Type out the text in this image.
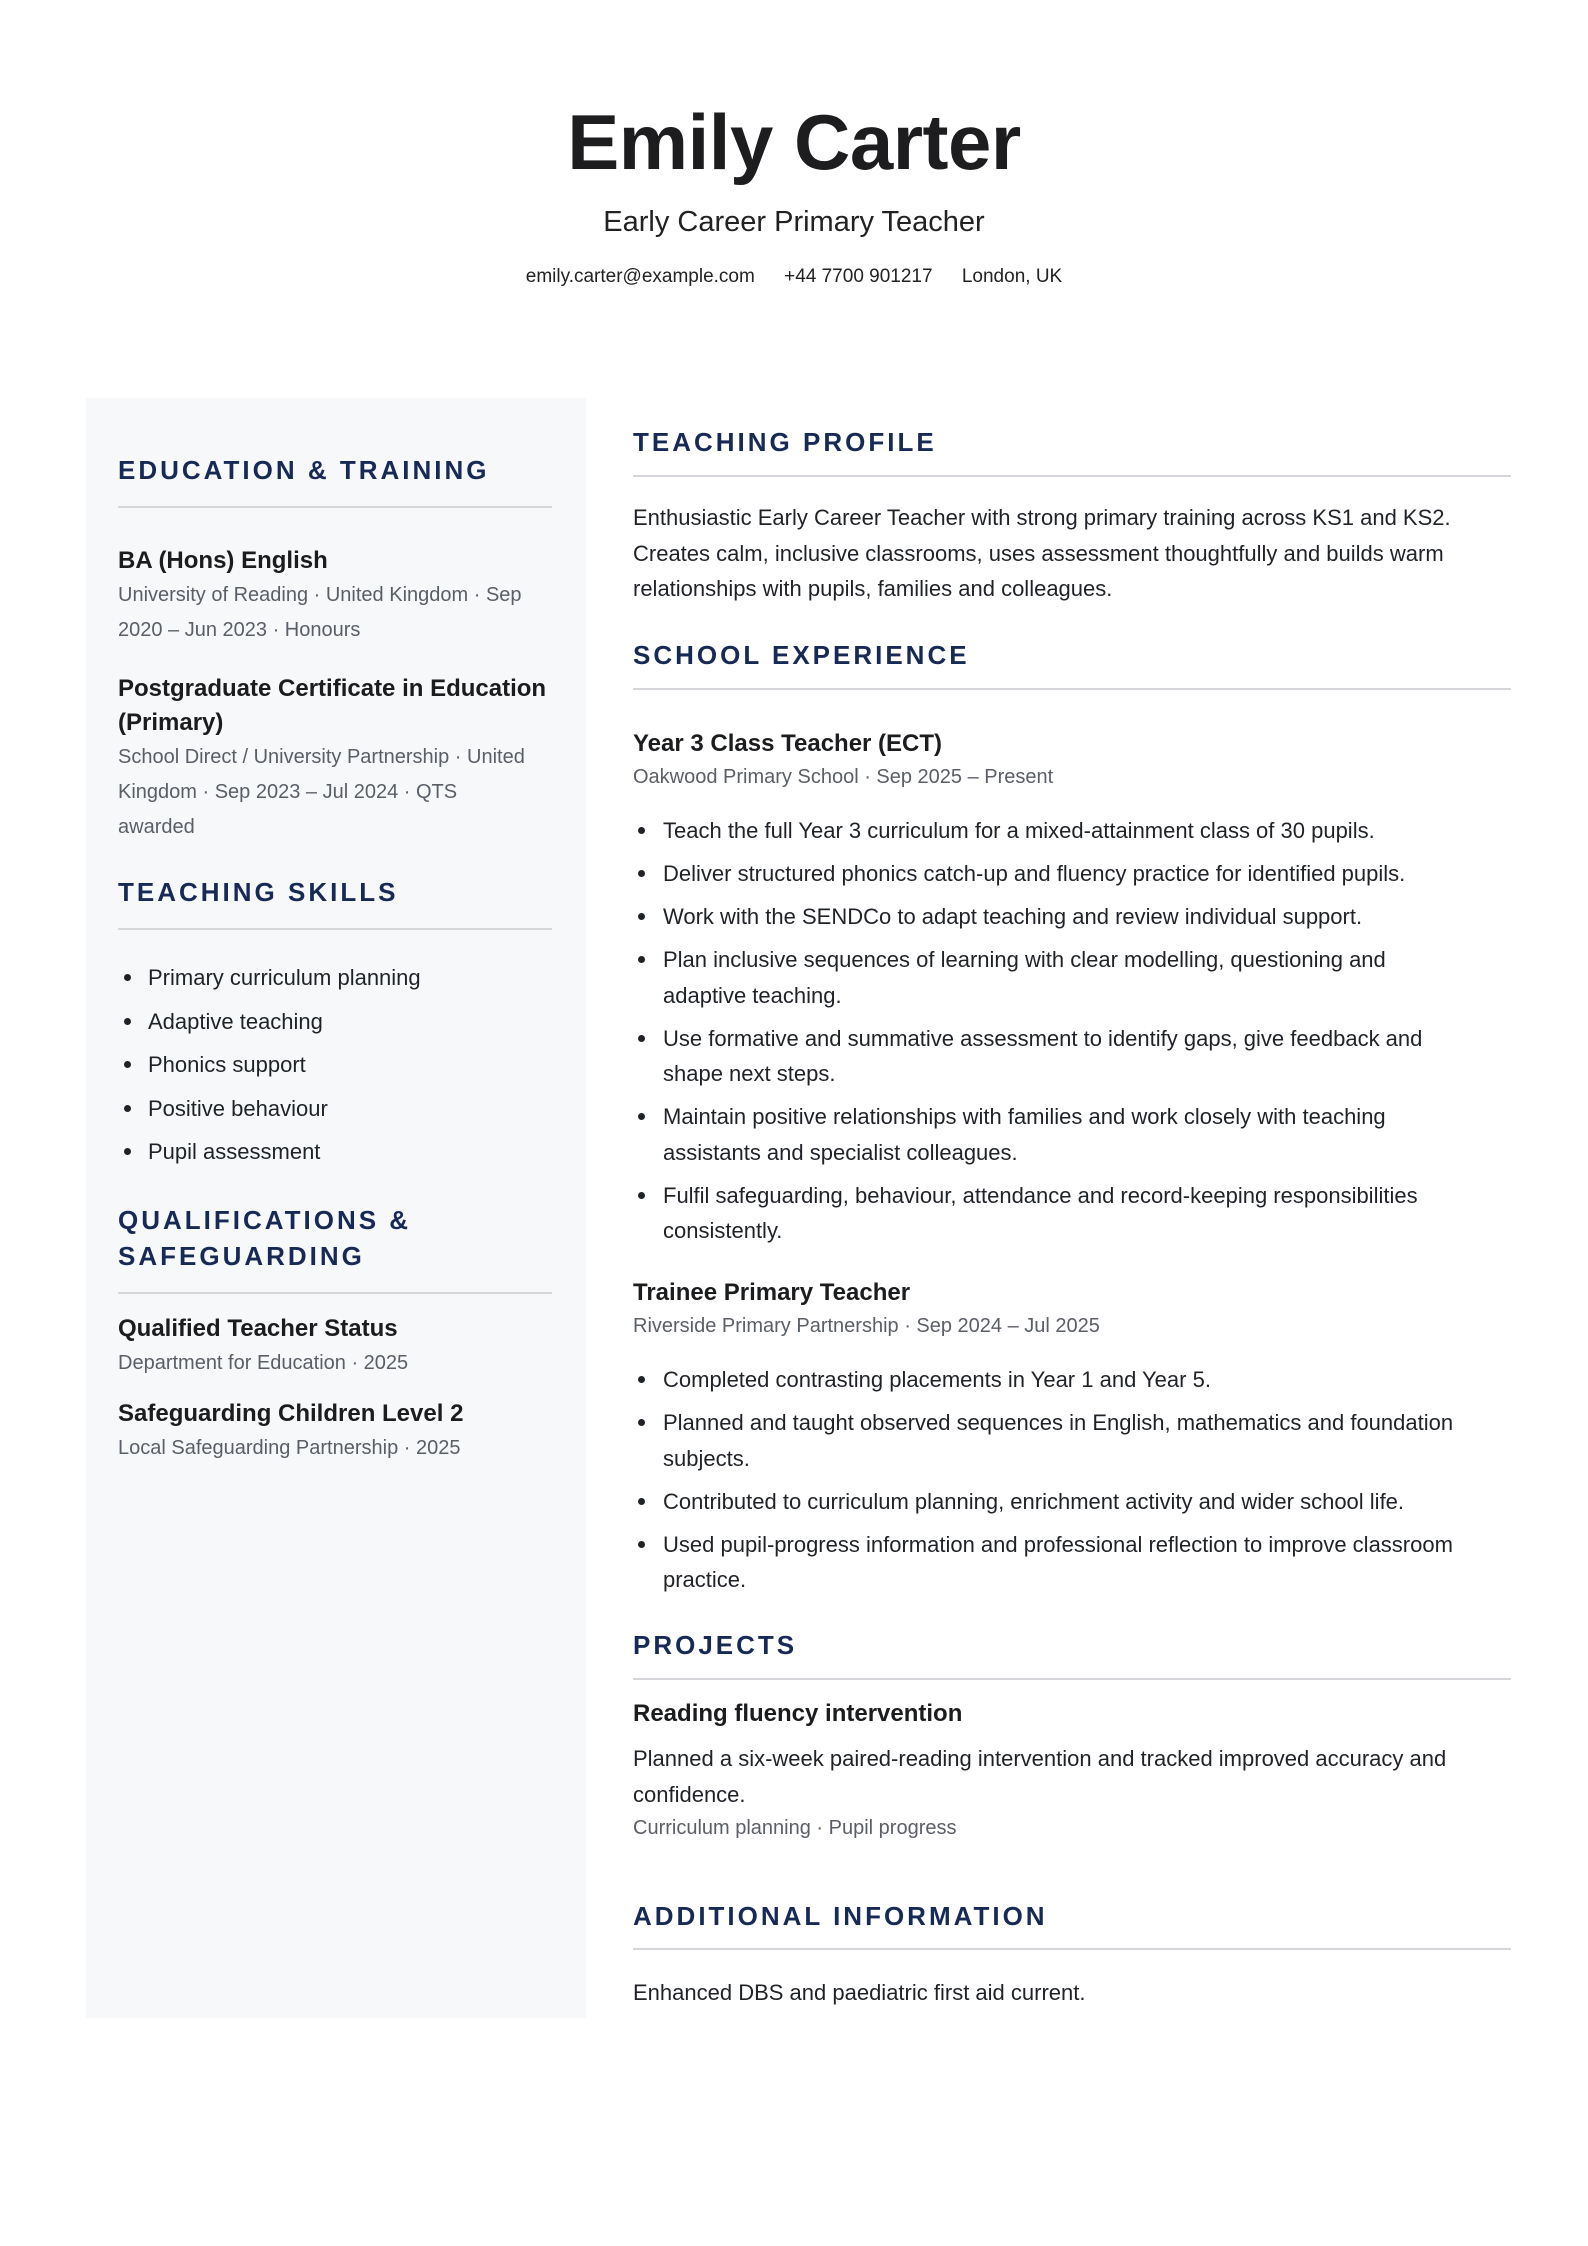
Emily Carter
Early Career Primary Teacher
emily.carter@example.com +44 7700 901217 London, UK
EDUCATION & TRAINING
BA (Hons) English
University of Reading · United Kingdom · Sep
2020 – Jun 2023 · Honours
Postgraduate Certificate in Education
(Primary)
School Direct / University Partnership · United
Kingdom · Sep 2023 – Jul 2024 · QTS
awarded
TEACHING SKILLS
Primary curriculum planning
Adaptive teaching
Phonics support
Positive behaviour
Pupil assessment
QUALIFICATIONS &
SAFEGUARDING
Qualified Teacher Status
Department for Education · 2025
Safeguarding Children Level 2
Local Safeguarding Partnership · 2025
TEACHING PROFILE
Enthusiastic Early Career Teacher with strong primary training across KS1 and KS2.
Creates calm, inclusive classrooms, uses assessment thoughtfully and builds warm
relationships with pupils, families and colleagues.
SCHOOL EXPERIENCE
Year 3 Class Teacher (ECT)
Oakwood Primary School · Sep 2025 – Present
Teach the full Year 3 curriculum for a mixed-attainment class of 30 pupils.
Deliver structured phonics catch-up and fluency practice for identified pupils.
Work with the SENDCo to adapt teaching and review individual support.
Plan inclusive sequences of learning with clear modelling, questioning and
adaptive teaching.
Use formative and summative assessment to identify gaps, give feedback and
shape next steps.
Maintain positive relationships with families and work closely with teaching
assistants and specialist colleagues.
Fulfil safeguarding, behaviour, attendance and record-keeping responsibilities
consistently.
Trainee Primary Teacher
Riverside Primary Partnership · Sep 2024 – Jul 2025
Completed contrasting placements in Year 1 and Year 5.
Planned and taught observed sequences in English, mathematics and foundation
subjects.
Contributed to curriculum planning, enrichment activity and wider school life.
Used pupil-progress information and professional reflection to improve classroom
practice.
PROJECTS
Reading fluency intervention
Planned a six-week paired-reading intervention and tracked improved accuracy and
confidence.
Curriculum planning · Pupil progress
ADDITIONAL INFORMATION
Enhanced DBS and paediatric first aid current.
